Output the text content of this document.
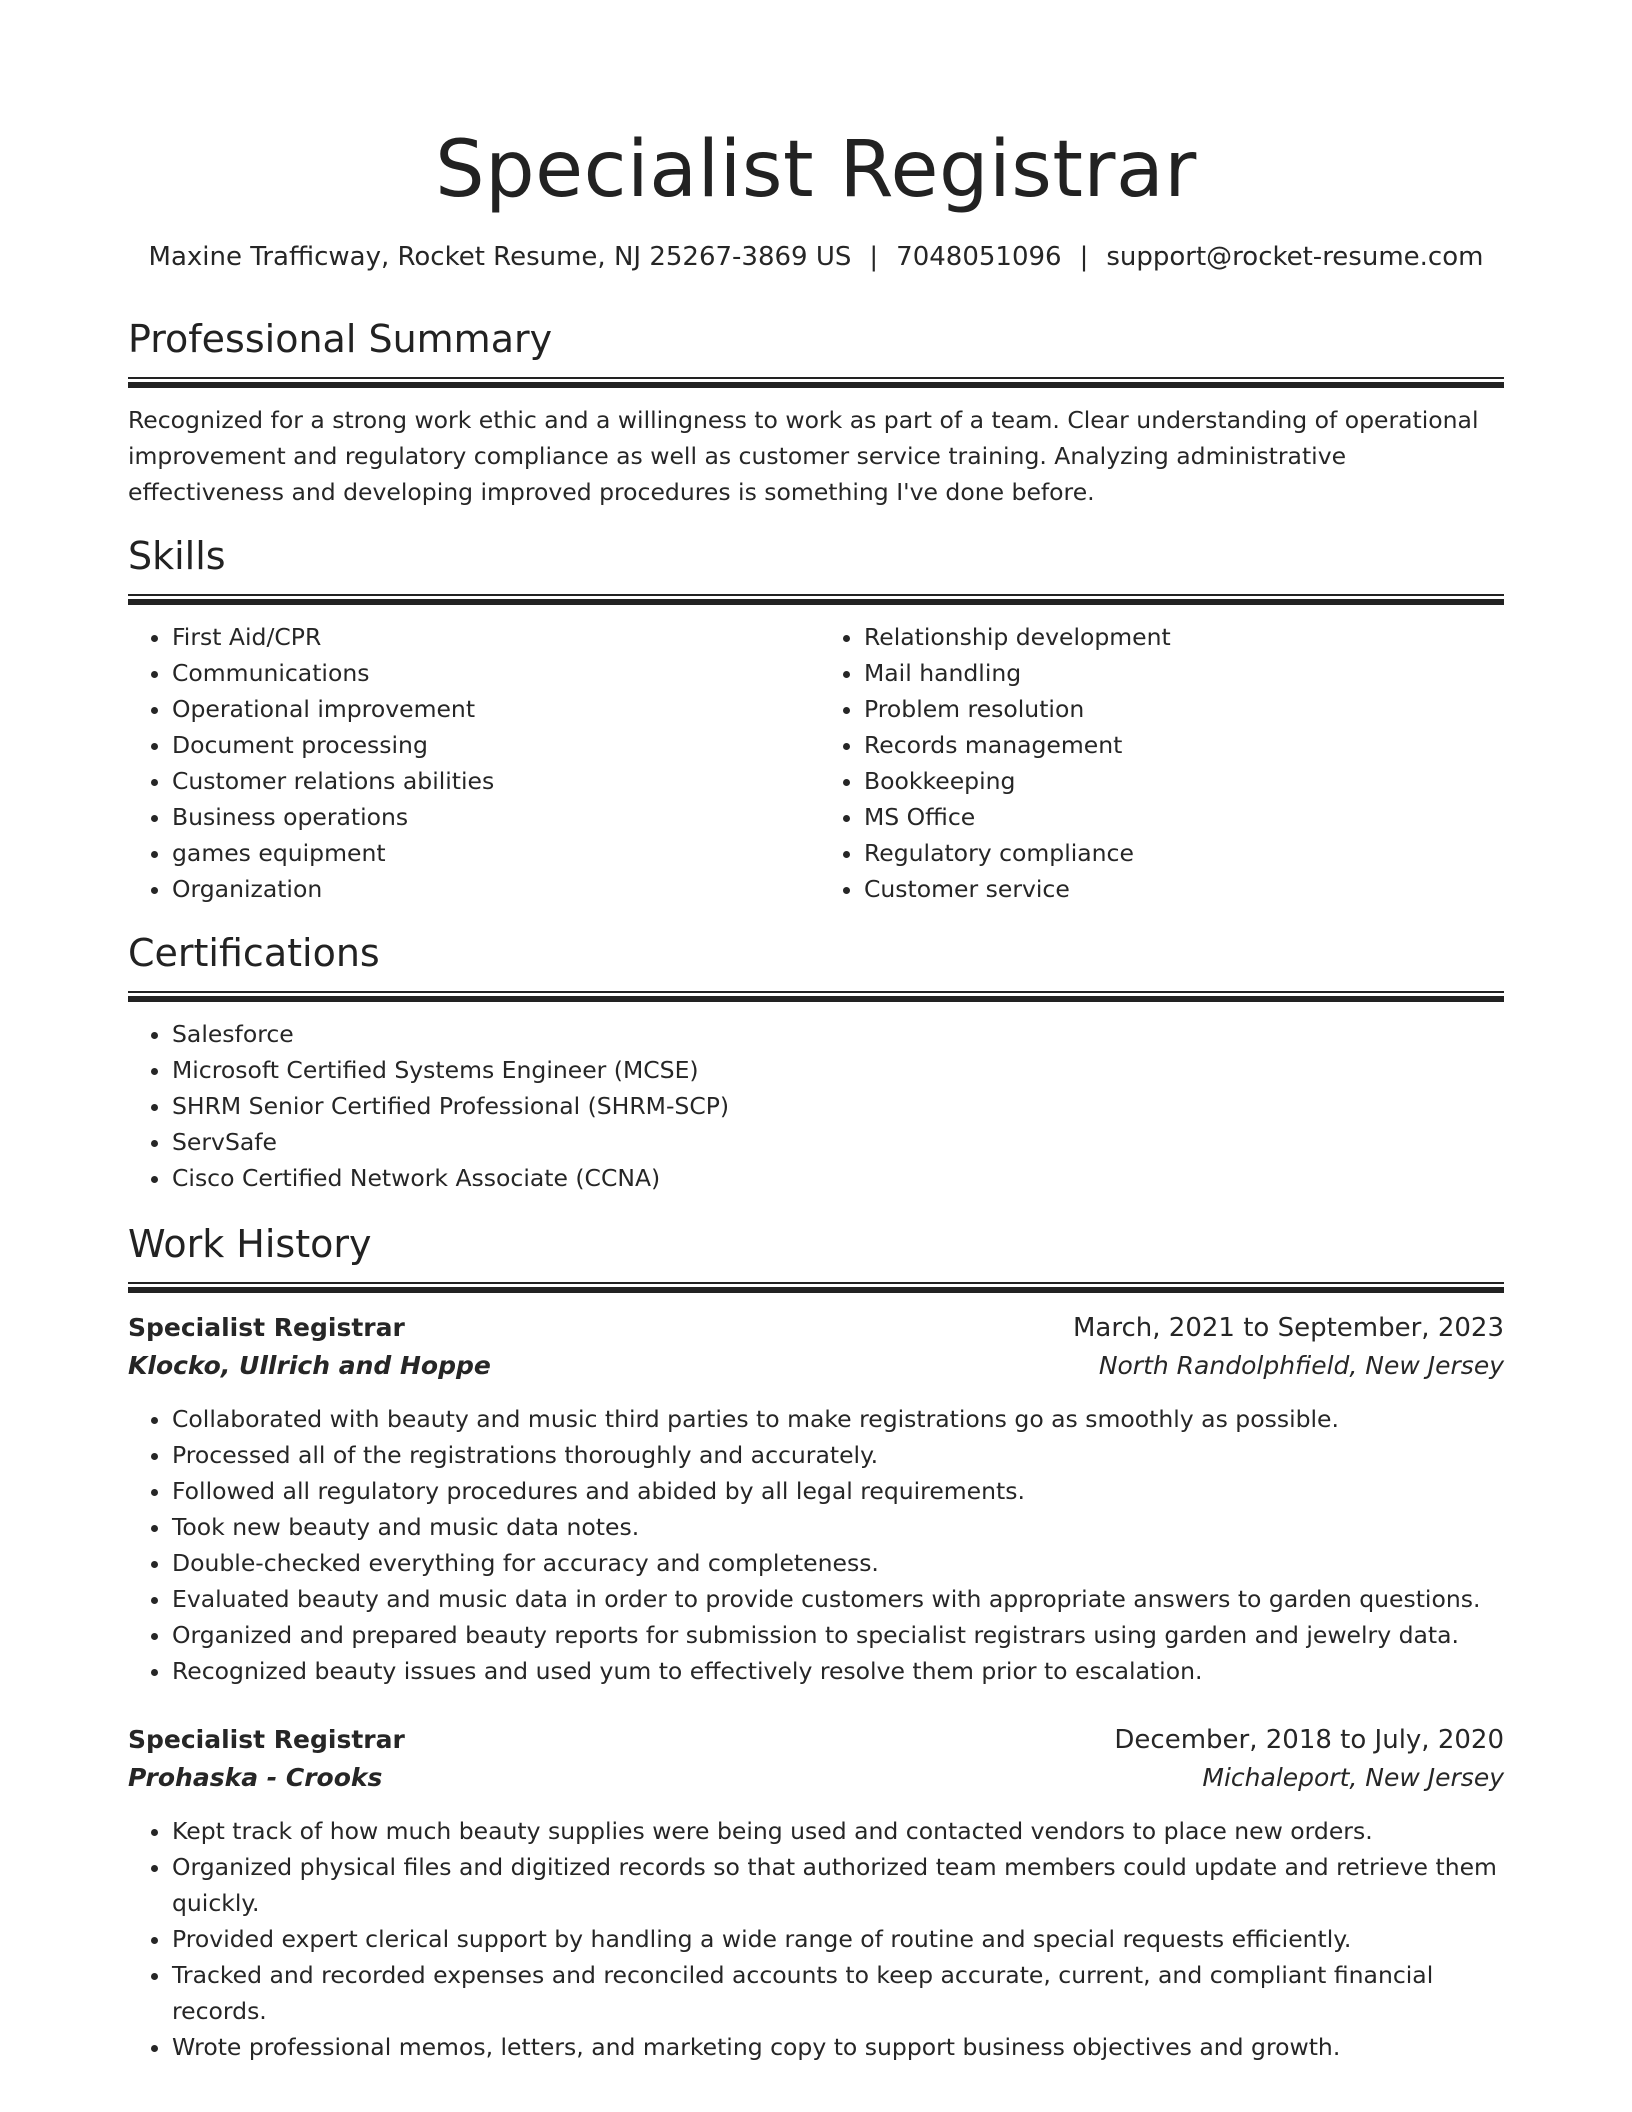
Specialist Registrar
Maxine Trafficway, Rocket Resume, NJ 25267-3869 US | 7048051096 | support@rocket-resume.com
Professional Summary

Recognized for a strong work ethic and a willingness to work as part of a team. Clear understanding of operational improvement and regulatory compliance as well as customer service training. Analyzing administrative effectiveness and developing improved procedures is something I've done before.

Skills
• First Aid/CPR
• Communications
• Operational improvement
• Document processing
• Customer relations abilities
• Business operations
• games equipment
• Organization
• Relationship development
• Mail handling
• Problem resolution
• Records management
• Bookkeeping
• MS Office
• Regulatory compliance
• Customer service
Certifications
• Salesforce
• Microsoft Certified Systems Engineer (MCSE)
• SHRM Senior Certified Professional (SHRM-SCP)
• ServSafe
• Cisco Certified Network Associate (CCNA)
Work History
Specialist Registrar	March, 2021 to September, 2023
Klocko, Ullrich and Hoppe	North Randolphfield, New Jersey
• Collaborated with beauty and music third parties to make registrations go as smoothly as possible.
• Processed all of the registrations thoroughly and accurately.
• Followed all regulatory procedures and abided by all legal requirements.
• Took new beauty and music data notes.
• Double-checked everything for accuracy and completeness.
• Evaluated beauty and music data in order to provide customers with appropriate answers to garden questions.
• Organized and prepared beauty reports for submission to specialist registrars using garden and jewelry data.
• Recognized beauty issues and used yum to effectively resolve them prior to escalation.
Specialist Registrar	December, 2018 to July, 2020
Prohaska - Crooks	Michaleport, New Jersey
• Kept track of how much beauty supplies were being used and contacted vendors to place new orders.
• Organized physical files and digitized records so that authorized team members could update and retrieve them quickly.
• Provided expert clerical support by handling a wide range of routine and special requests efficiently.
• Tracked and recorded expenses and reconciled accounts to keep accurate, current, and compliant financial records.
• Wrote professional memos, letters, and marketing copy to support business objectives and growth.
